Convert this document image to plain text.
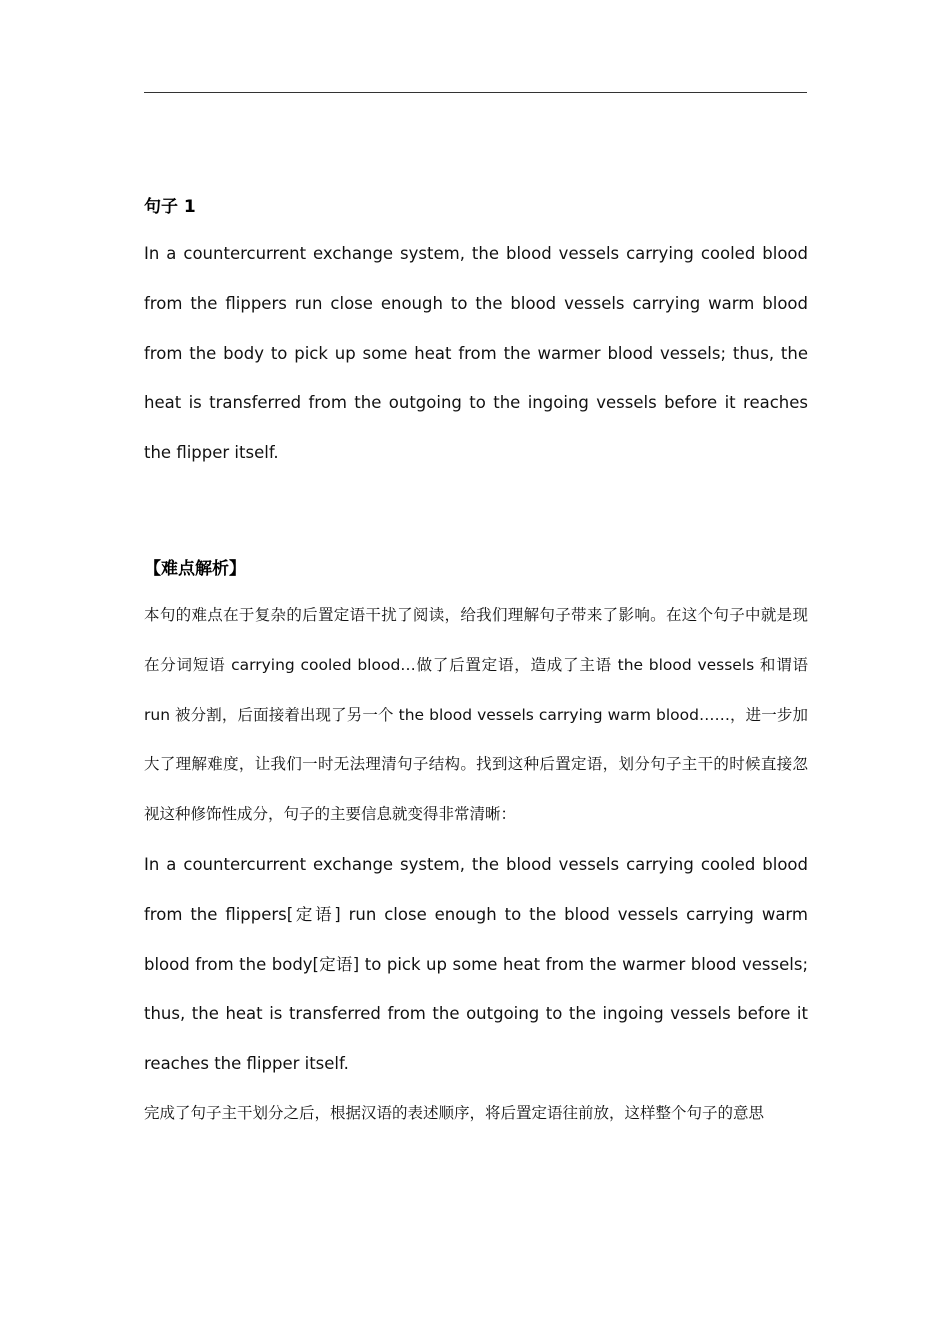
句子 1

In a countercurrent exchange system, the blood vessels carrying cooled blood from the flippers run close enough to the blood vessels carrying warm blood from the body to pick up some heat from the warmer blood vessels; thus, the heat is transferred from the outgoing to the ingoing vessels before it reaches the flipper itself.

【难点解析】

本句的难点在于复杂的后置定语干扰了阅读，给我们理解句子带来了影响。在这个句子中就是现在分词短语 carrying cooled blood…做了后置定语，造成了主语 the blood vessels 和谓语 run 被分割，后面接着出现了另一个 the blood vessels carrying warm blood……，进一步加大了理解难度，让我们一时无法理清句子结构。找到这种后置定语，划分句子主干的时候直接忽视这种修饰性成分，句子的主要信息就变得非常清晰：

In a countercurrent exchange system, the blood vessels carrying cooled blood from the flippers[定语] run close enough to the blood vessels carrying warm blood from the body[定语] to pick up some heat from the warmer blood vessels; thus, the heat is transferred from the outgoing to the ingoing vessels before it reaches the flipper itself.

完成了句子主干划分之后，根据汉语的表述顺序，将后置定语往前放，这样整个句子的意思
